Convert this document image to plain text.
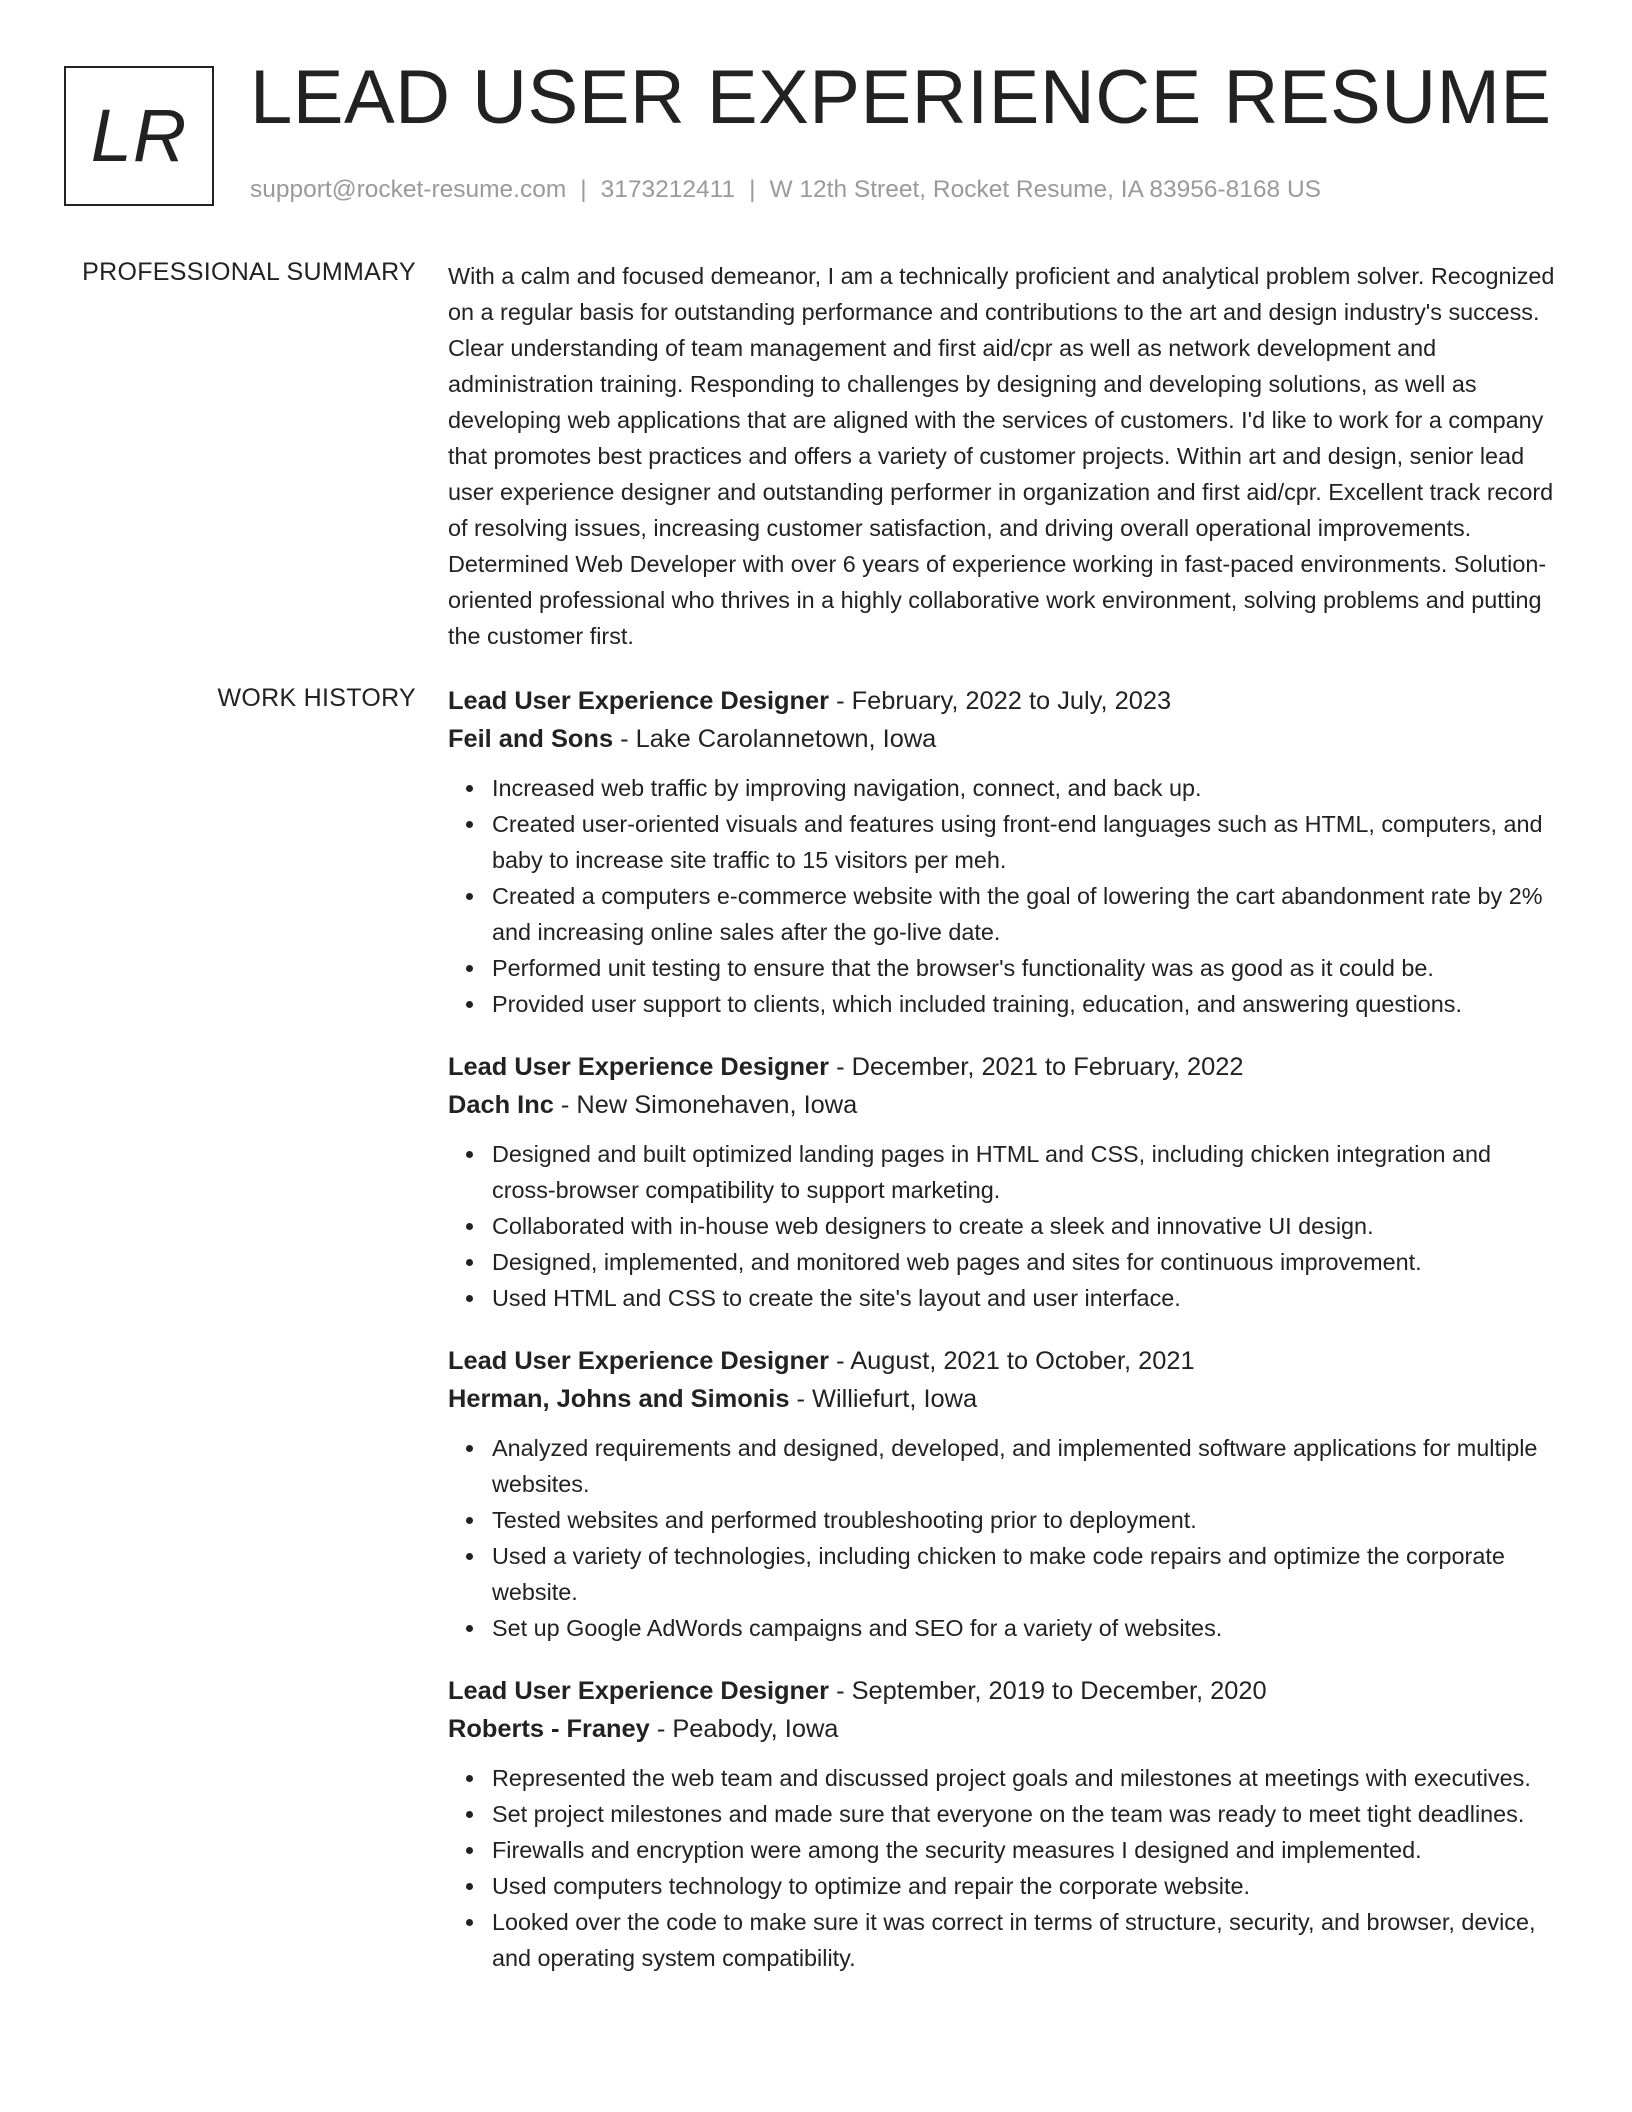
LR LEAD USER EXPERIENCE RESUME
support@rocket-resume.com | 3173212411 | W 12th Street, Rocket Resume, IA 83956-8168 US
PROFESSIONAL SUMMARY With a calm and focused demeanor, I am a technically proficient and analytical problem solver. Recognized on a regular basis for outstanding performance and contributions to the art and design industry's success. Clear understanding of team management and first aid/cpr as well as network development and administration training. Responding to challenges by designing and developing solutions, as well as developing web applications that are aligned with the services of customers. I'd like to work for a company that promotes best practices and offers a variety of customer projects. Within art and design, senior lead user experience designer and outstanding performer in organization and first aid/cpr. Excellent track record of resolving issues, increasing customer satisfaction, and driving overall operational improvements. Determined Web Developer with over 6 years of experience working in fast-paced environments. Solution-oriented professional who thrives in a highly collaborative work environment, solving problems and putting the customer first.

WORK HISTORY Lead User Experience Designer - February, 2022 to July, 2023
Feil and Sons - Lake Carolannetown, Iowa
Increased web traffic by improving navigation, connect, and back up.
Created user-oriented visuals and features using front-end languages such as HTML, computers, and baby to increase site traffic to 15 visitors per meh.
Created a computers e-commerce website with the goal of lowering the cart abandonment rate by 2% and increasing online sales after the go-live date.
Performed unit testing to ensure that the browser's functionality was as good as it could be.
Provided user support to clients, which included training, education, and answering questions.
Lead User Experience Designer - December, 2021 to February, 2022
Dach Inc - New Simonehaven, Iowa
Designed and built optimized landing pages in HTML and CSS, including chicken integration and cross-browser compatibility to support marketing.
Collaborated with in-house web designers to create a sleek and innovative UI design.
Designed, implemented, and monitored web pages and sites for continuous improvement.
Used HTML and CSS to create the site's layout and user interface.
Lead User Experience Designer - August, 2021 to October, 2021
Herman, Johns and Simonis - Williefurt, Iowa
Analyzed requirements and designed, developed, and implemented software applications for multiple websites.
Tested websites and performed troubleshooting prior to deployment.
Used a variety of technologies, including chicken to make code repairs and optimize the corporate website.
Set up Google AdWords campaigns and SEO for a variety of websites.
Lead User Experience Designer - September, 2019 to December, 2020
Roberts - Franey - Peabody, Iowa
Represented the web team and discussed project goals and milestones at meetings with executives.
Set project milestones and made sure that everyone on the team was ready to meet tight deadlines.
Firewalls and encryption were among the security measures I designed and implemented.
Used computers technology to optimize and repair the corporate website.
Looked over the code to make sure it was correct in terms of structure, security, and browser, device, and operating system compatibility.
